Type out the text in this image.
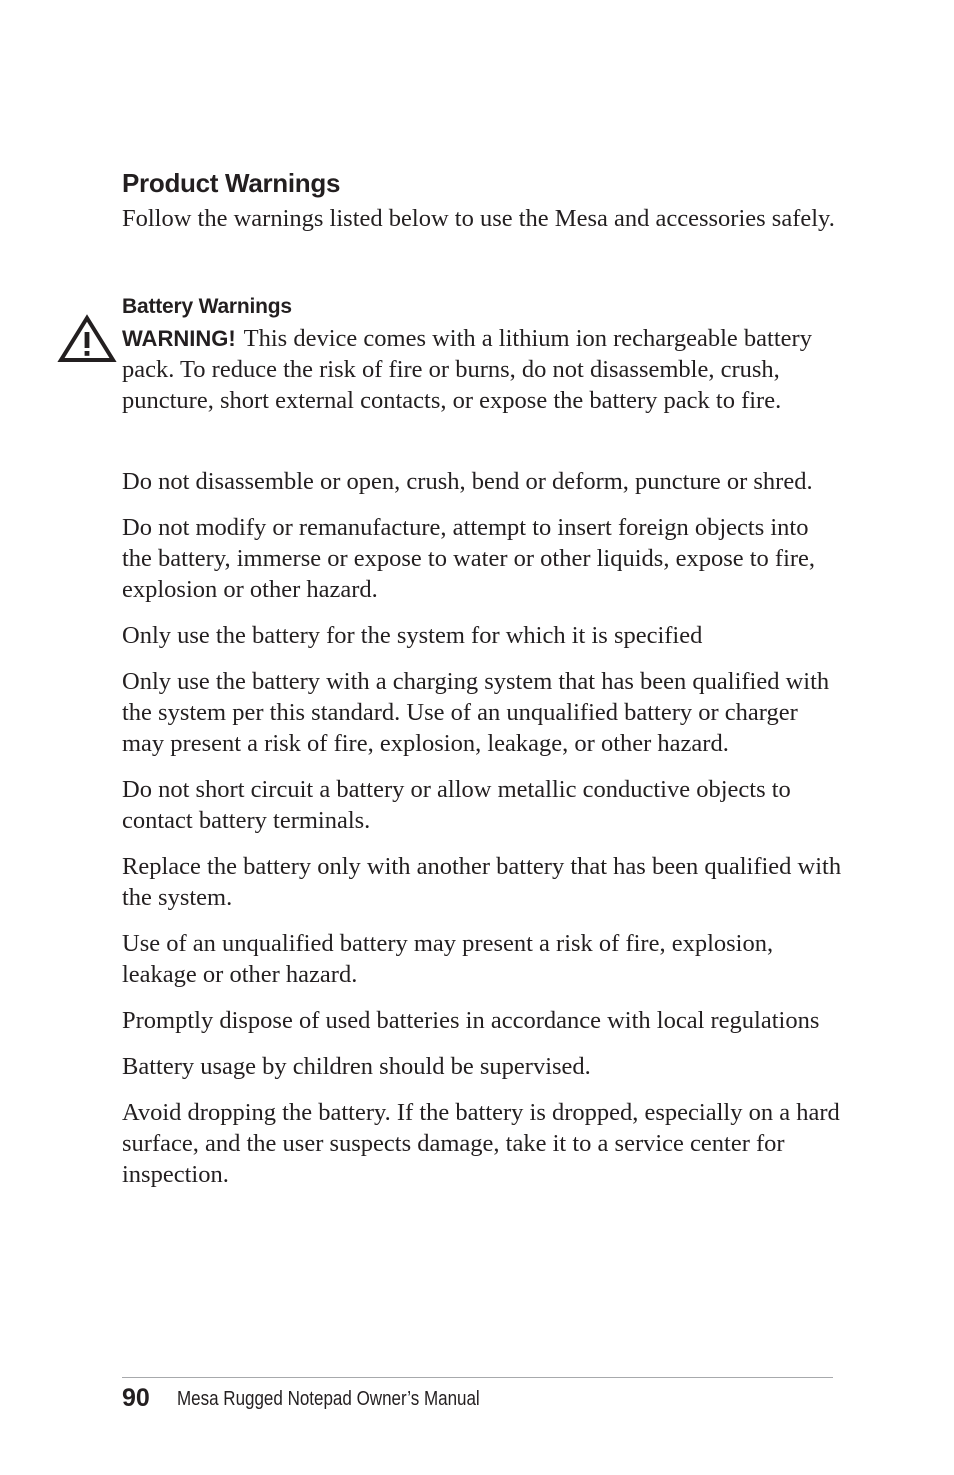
Product Warnings

Follow the warnings listed below to use the Mesa and accessories safely.

Battery Warnings

WARNING! This device comes with a lithium ion rechargeable battery pack. To reduce the risk of fire or burns, do not disassemble, crush, puncture, short external contacts, or expose the battery pack to fire.

Do not disassemble or open, crush, bend or deform, puncture or shred.

Do not modify or remanufacture, attempt to insert foreign objects into the battery, immerse or expose to water or other liquids, expose to fire, explosion or other hazard.

Only use the battery for the system for which it is specified

Only use the battery with a charging system that has been qualified with the system per this standard. Use of an unqualified battery or charger may present a risk of fire, explosion, leakage, or other hazard.

Do not short circuit a battery or allow metallic conductive objects to contact battery terminals.

Replace the battery only with another battery that has been qualified with the system.

Use of an unqualified battery may present a risk of fire, explosion, leakage or other hazard.

Promptly dispose of used batteries in accordance with local regulations

Battery usage by children should be supervised.

Avoid dropping the battery. If the battery is dropped, especially on a hard surface, and the user suspects damage, take it to a service center for inspection.

90 Mesa Rugged Notepad Owner’s Manual
